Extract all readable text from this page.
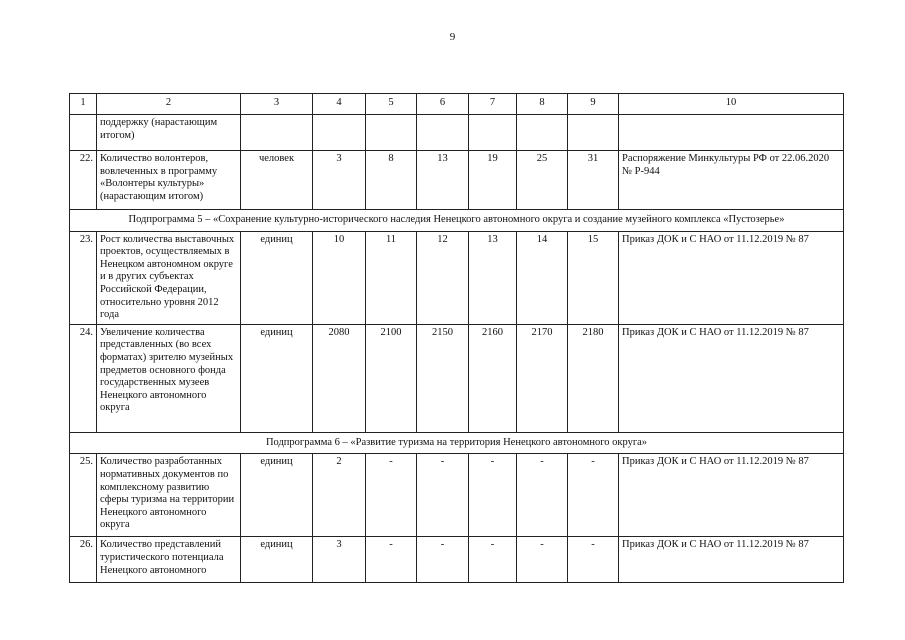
9
1	2	3	4	5	6	7	8	9	10
	поддержку (нарастающим итогом)								
22.	Количество волонтеров, вовлеченных в программу «Волонтеры культуры» (нарастающим итогом)	человек	3	8	13	19	25	31	Распоряжение Минкультуры РФ от 22.06.2020 № Р-944
Подпрограмма 5 – «Сохранение культурно-исторического наследия Ненецкого автономного округа и создание музейного комплекса «Пустозерье»									
23.	Рост количества выставочных проектов, осуществляемых в Ненецком автономном округе и в других субъектах Российской Федерации, относительно уровня 2012 года	единиц	10	11	12	13	14	15	Приказ ДОК и С НАО от 11.12.2019 № 87
24.	Увеличение количества представленных (во всех форматах) зрителю музейных предметов основного фонда государственных музеев Ненецкого автономного округа	единиц	2080	2100	2150	2160	2170	2180	Приказ ДОК и С НАО от 11.12.2019 № 87
Подпрограмма 6 – «Развитие туризма на территория Ненецкого автономного округа»									
25.	Количество разработанных нормативных документов по комплексному развитию сферы туризма на территории Ненецкого автономного округа	единиц	2	-	-	-	-	-	Приказ ДОК и С НАО от 11.12.2019 № 87
26.	Количество представлений туристического потенциала Ненецкого автономного	единиц	3	-	-	-	-	-	Приказ ДОК и С НАО от 11.12.2019 № 87
